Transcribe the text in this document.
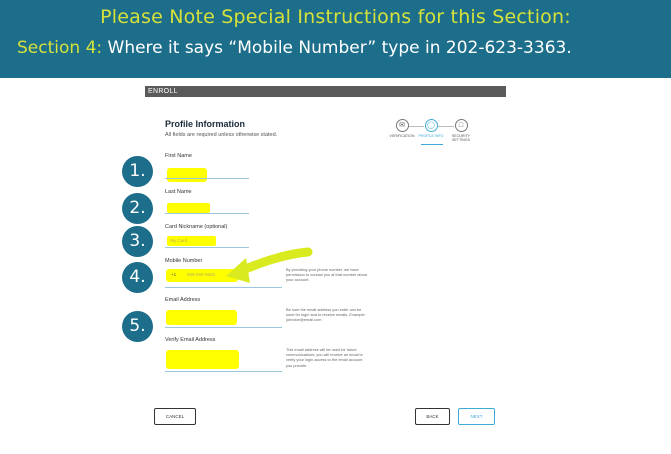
Please Note Special Instructions for this Section:
Section 4: Where it says “Mobile Number” type in 202-623-3363.
ENROLL
Profile Information
All fields are required unless otherwise stated.
✉
VERIFICATION
◯
PROFILE INFO
□
SECURITY SETTINGS
First Name
Last Name
Card Nickname (optional)
My Card
Mobile Number
+1 555-555-5555
By providing your phone number, we have permission to contact you at that number about your account.
Email Address
Be sure the email address you enter can be used for login and to receive emails. Example: johndoe@email.com
Verify Email Address
This email address will be used for future communications; you will receive an email to verify your login access to the email account you provide.
1.
2.
3.
4.
5.
CANCEL	BACK	NEXT
